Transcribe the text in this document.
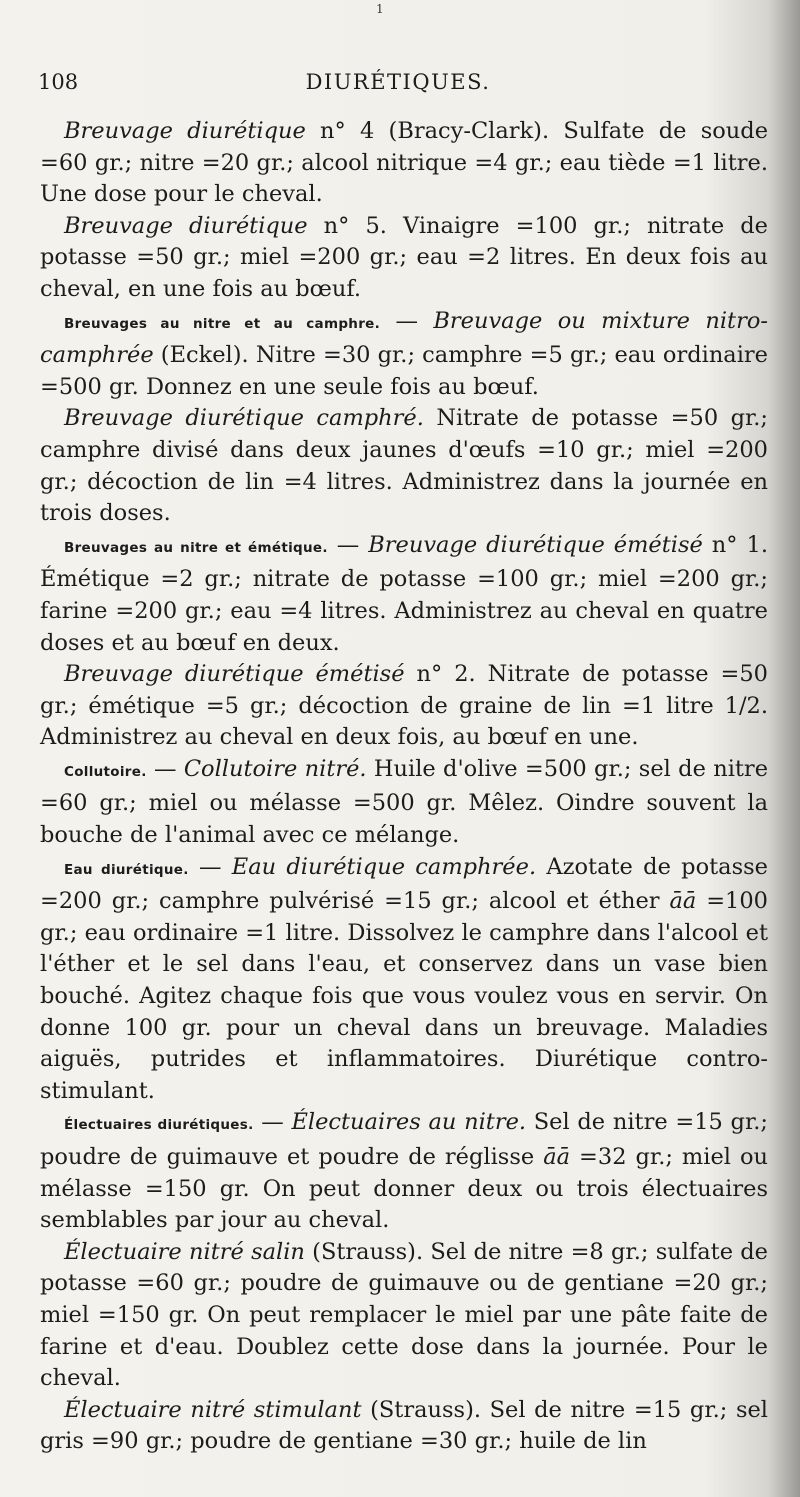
1
108	DIURÉTIQUES.

Breuvage diurétique n° 4 (Bracy-Clark). Sulfate de soude =60 gr.; nitre =20 gr.; alcool nitrique =4 gr.; eau tiède =1 litre. Une dose pour le cheval.

Breuvage diurétique n° 5. Vinaigre =100 gr.; nitrate de potasse =50 gr.; miel =200 gr.; eau =2 litres. En deux fois au cheval, en une fois au bœuf.

Breuvages au nitre et au camphre. — Breuvage ou mixture nitro-camphrée (Eckel). Nitre =30 gr.; camphre =5 gr.; eau ordinaire =500 gr. Donnez en une seule fois au bœuf.

Breuvage diurétique camphré. Nitrate de potasse =50 gr.; camphre divisé dans deux jaunes d'œufs =10 gr.; miel =200 gr.; décoction de lin =4 litres. Administrez dans la journée en trois doses.

Breuvages au nitre et émétique. — Breuvage diurétique émétisé n° 1. Émétique =2 gr.; nitrate de potasse =100 gr.; miel =200 gr.; farine =200 gr.; eau =4 litres. Administrez au cheval en quatre doses et au bœuf en deux.

Breuvage diurétique émétisé n° 2. Nitrate de potasse =50 gr.; émétique =5 gr.; décoction de graine de lin =1 litre 1/2. Administrez au cheval en deux fois, au bœuf en une.

Collutoire. — Collutoire nitré. Huile d'olive =500 gr.; sel de nitre =60 gr.; miel ou mélasse =500 gr. Mêlez. Oindre souvent la bouche de l'animal avec ce mélange.

Eau diurétique. — Eau diurétique camphrée. Azotate de potasse =200 gr.; camphre pulvérisé =15 gr.; alcool et éther āā =100 gr.; eau ordinaire =1 litre. Dissolvez le camphre dans l'alcool et l'éther et le sel dans l'eau, et conservez dans un vase bien bouché. Agitez chaque fois que vous voulez vous en servir. On donne 100 gr. pour un cheval dans un breuvage. Maladies aiguës, putrides et inflammatoires. Diurétique contro-stimulant.

Électuaires diurétiques. — Électuaires au nitre. Sel de nitre =15 gr.; poudre de guimauve et poudre de réglisse āā =32 gr.; miel ou mélasse =150 gr. On peut donner deux ou trois électuaires semblables par jour au cheval.

Électuaire nitré salin (Strauss). Sel de nitre =8 gr.; sulfate de potasse =60 gr.; poudre de guimauve ou de gentiane =20 gr.; miel =150 gr. On peut remplacer le miel par une pâte faite de farine et d'eau. Doublez cette dose dans la journée. Pour le cheval.

Électuaire nitré stimulant (Strauss). Sel de nitre =15 gr.; sel gris =90 gr.; poudre de gentiane =30 gr.; huile de lin
